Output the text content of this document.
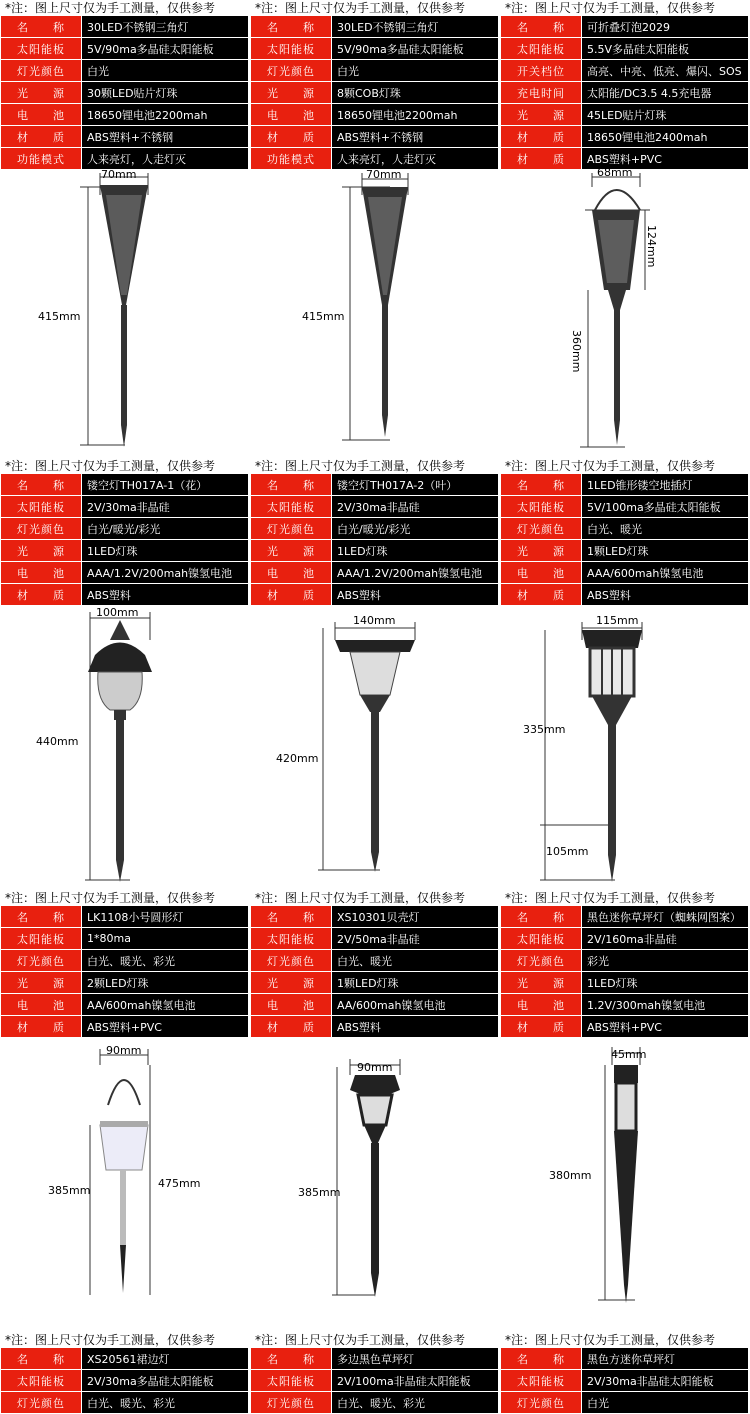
*注：图上尺寸仅为手工测量，仅供参考
名　　称	30LED不锈钢三角灯
太阳能板	5V/90ma多晶硅太阳能板
灯光颜色	白光
光　　源	30颗LED贴片灯珠
电　　池	18650锂电池2200mah
材　　质	ABS塑料+不锈钢
功能模式	人来亮灯，人走灯灭
*注：图上尺寸仅为手工测量，仅供参考
名　　称	30LED不锈钢三角灯
太阳能板	5V/90ma多晶硅太阳能板
灯光颜色	白光
光　　源	8颗COB灯珠
电　　池	18650锂电池2200mah
材　　质	ABS塑料+不锈钢
功能模式	人来亮灯，人走灯灭
*注：图上尺寸仅为手工测量，仅供参考
名　　称	可折叠灯泡2029
太阳能板	5.5V多晶硅太阳能板
开关档位	高亮、中亮、低亮、爆闪、SOS
充电时间	太阳能/DC3.5 4.5充电器
光　　源	45LED贴片灯珠
材　　质	18650锂电池2400mah
材　　质	ABS塑料+PVC
*注：图上尺寸仅为手工测量，仅供参考
名　　称	镂空灯TH017A-1（花）
太阳能板	2V/30ma非晶硅
灯光颜色	白光/暖光/彩光
光　　源	1LED灯珠
电　　池	AAA/1.2V/200mah镍氢电池
材　　质	ABS塑料
*注：图上尺寸仅为手工测量，仅供参考
名　　称	镂空灯TH017A-2（叶）
太阳能板	2V/30ma非晶硅
灯光颜色	白光/暖光/彩光
光　　源	1LED灯珠
电　　池	AAA/1.2V/200mah镍氢电池
材　　质	ABS塑料
*注：图上尺寸仅为手工测量，仅供参考
名　　称	1LED锥形镂空地插灯
太阳能板	5V/100ma多晶硅太阳能板
灯光颜色	白光、暖光
光　　源	1颗LED灯珠
电　　池	AAA/600mah镍氢电池
材　　质	ABS塑料
*注：图上尺寸仅为手工测量，仅供参考
名　　称	LK1108小号圆形灯
太阳能板	1*80ma
灯光颜色	白光、暖光、彩光
光　　源	2颗LED灯珠
电　　池	AA/600mah镍氢电池
材　　质	ABS塑料+PVC
*注：图上尺寸仅为手工测量，仅供参考
名　　称	XS10301贝壳灯
太阳能板	2V/50ma非晶硅
灯光颜色	白光、暖光
光　　源	1颗LED灯珠
电　　池	AA/600mah镍氢电池
材　　质	ABS塑料
*注：图上尺寸仅为手工测量，仅供参考
名　　称	黑色迷你草坪灯（蜘蛛网图案）
太阳能板	2V/160ma非晶硅
灯光颜色	彩光
光　　源	1LED灯珠
电　　池	1.2V/300mah镍氢电池
材　　质	ABS塑料+PVC
*注：图上尺寸仅为手工测量，仅供参考
名　　称	XS20561裙边灯
太阳能板	2V/30ma多晶硅太阳能板
灯光颜色	白光、暖光、彩光
*注：图上尺寸仅为手工测量，仅供参考
名　　称	多边黑色草坪灯
太阳能板	2V/100ma非晶硅太阳能板
灯光颜色	白光、暖光、彩光
*注：图上尺寸仅为手工测量，仅供参考
名　　称	黑色方迷你草坪灯
太阳能板	2V/30ma非晶硅太阳能板
灯光颜色	白光
70mm
415mm
70mm
415mm
68mm
124mm
360mm
100mm
440mm
140mm
420mm
115mm
335mm
105mm
90mm
385mm
475mm
90mm
385mm
45mm
380mm
